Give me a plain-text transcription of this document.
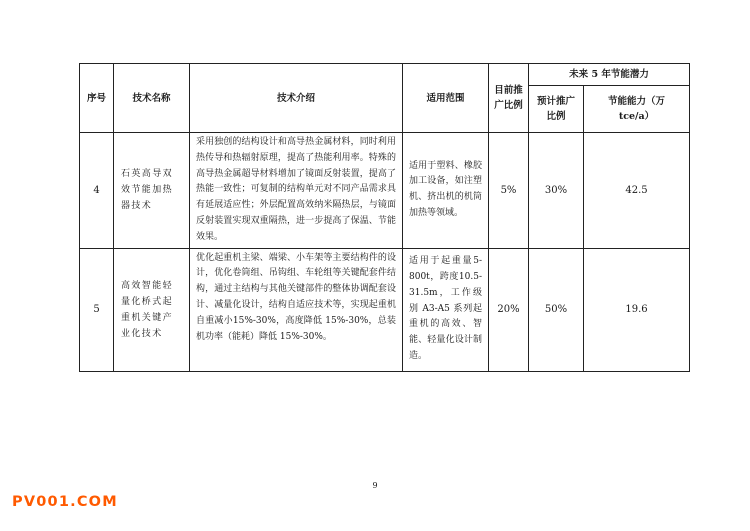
序号	技术名称	技术介绍	适用范围	目前推广比例	未来 5 年节能潜力	
					预计推广比例	节能能力（万 tce/a）
4	石英高导双效节能加热器技术	采用独创的结构设计和高导热金属材料，同时利用热传导和热辐射原理，提高了热能利用率。特殊的高导热金属超导材料增加了镜面反射装置，提高了热能一致性；可复制的结构单元对不同产品需求具有延展适应性；外层配置高效纳米隔热层，与镜面反射装置实现双重隔热，进一步提高了保温、节能效果。	适用于塑料、橡胶加工设备，如注塑机、挤出机的机筒加热等领域。	5%	30%	42.5
5	高效智能轻量化桥式起重机关键产业化技术	优化起重机主梁、端梁、小车架等主要结构件的设计，优化卷筒组、吊钩组、车轮组等关键配套件结构，通过主结构与其他关键部件的整体协调配套设计、减量化设计，结构自适应技术等，实现起重机自重减小15%-30%，高度降低 15%-30%，总装机功率（能耗）降低 15%-30%。	适用于起重量5-800t，跨度10.5-31.5m，工作级别 A3-A5 系列起重机的高效、智能、轻量化设计制造。	20%	50%	19.6
9
PV001.COM
